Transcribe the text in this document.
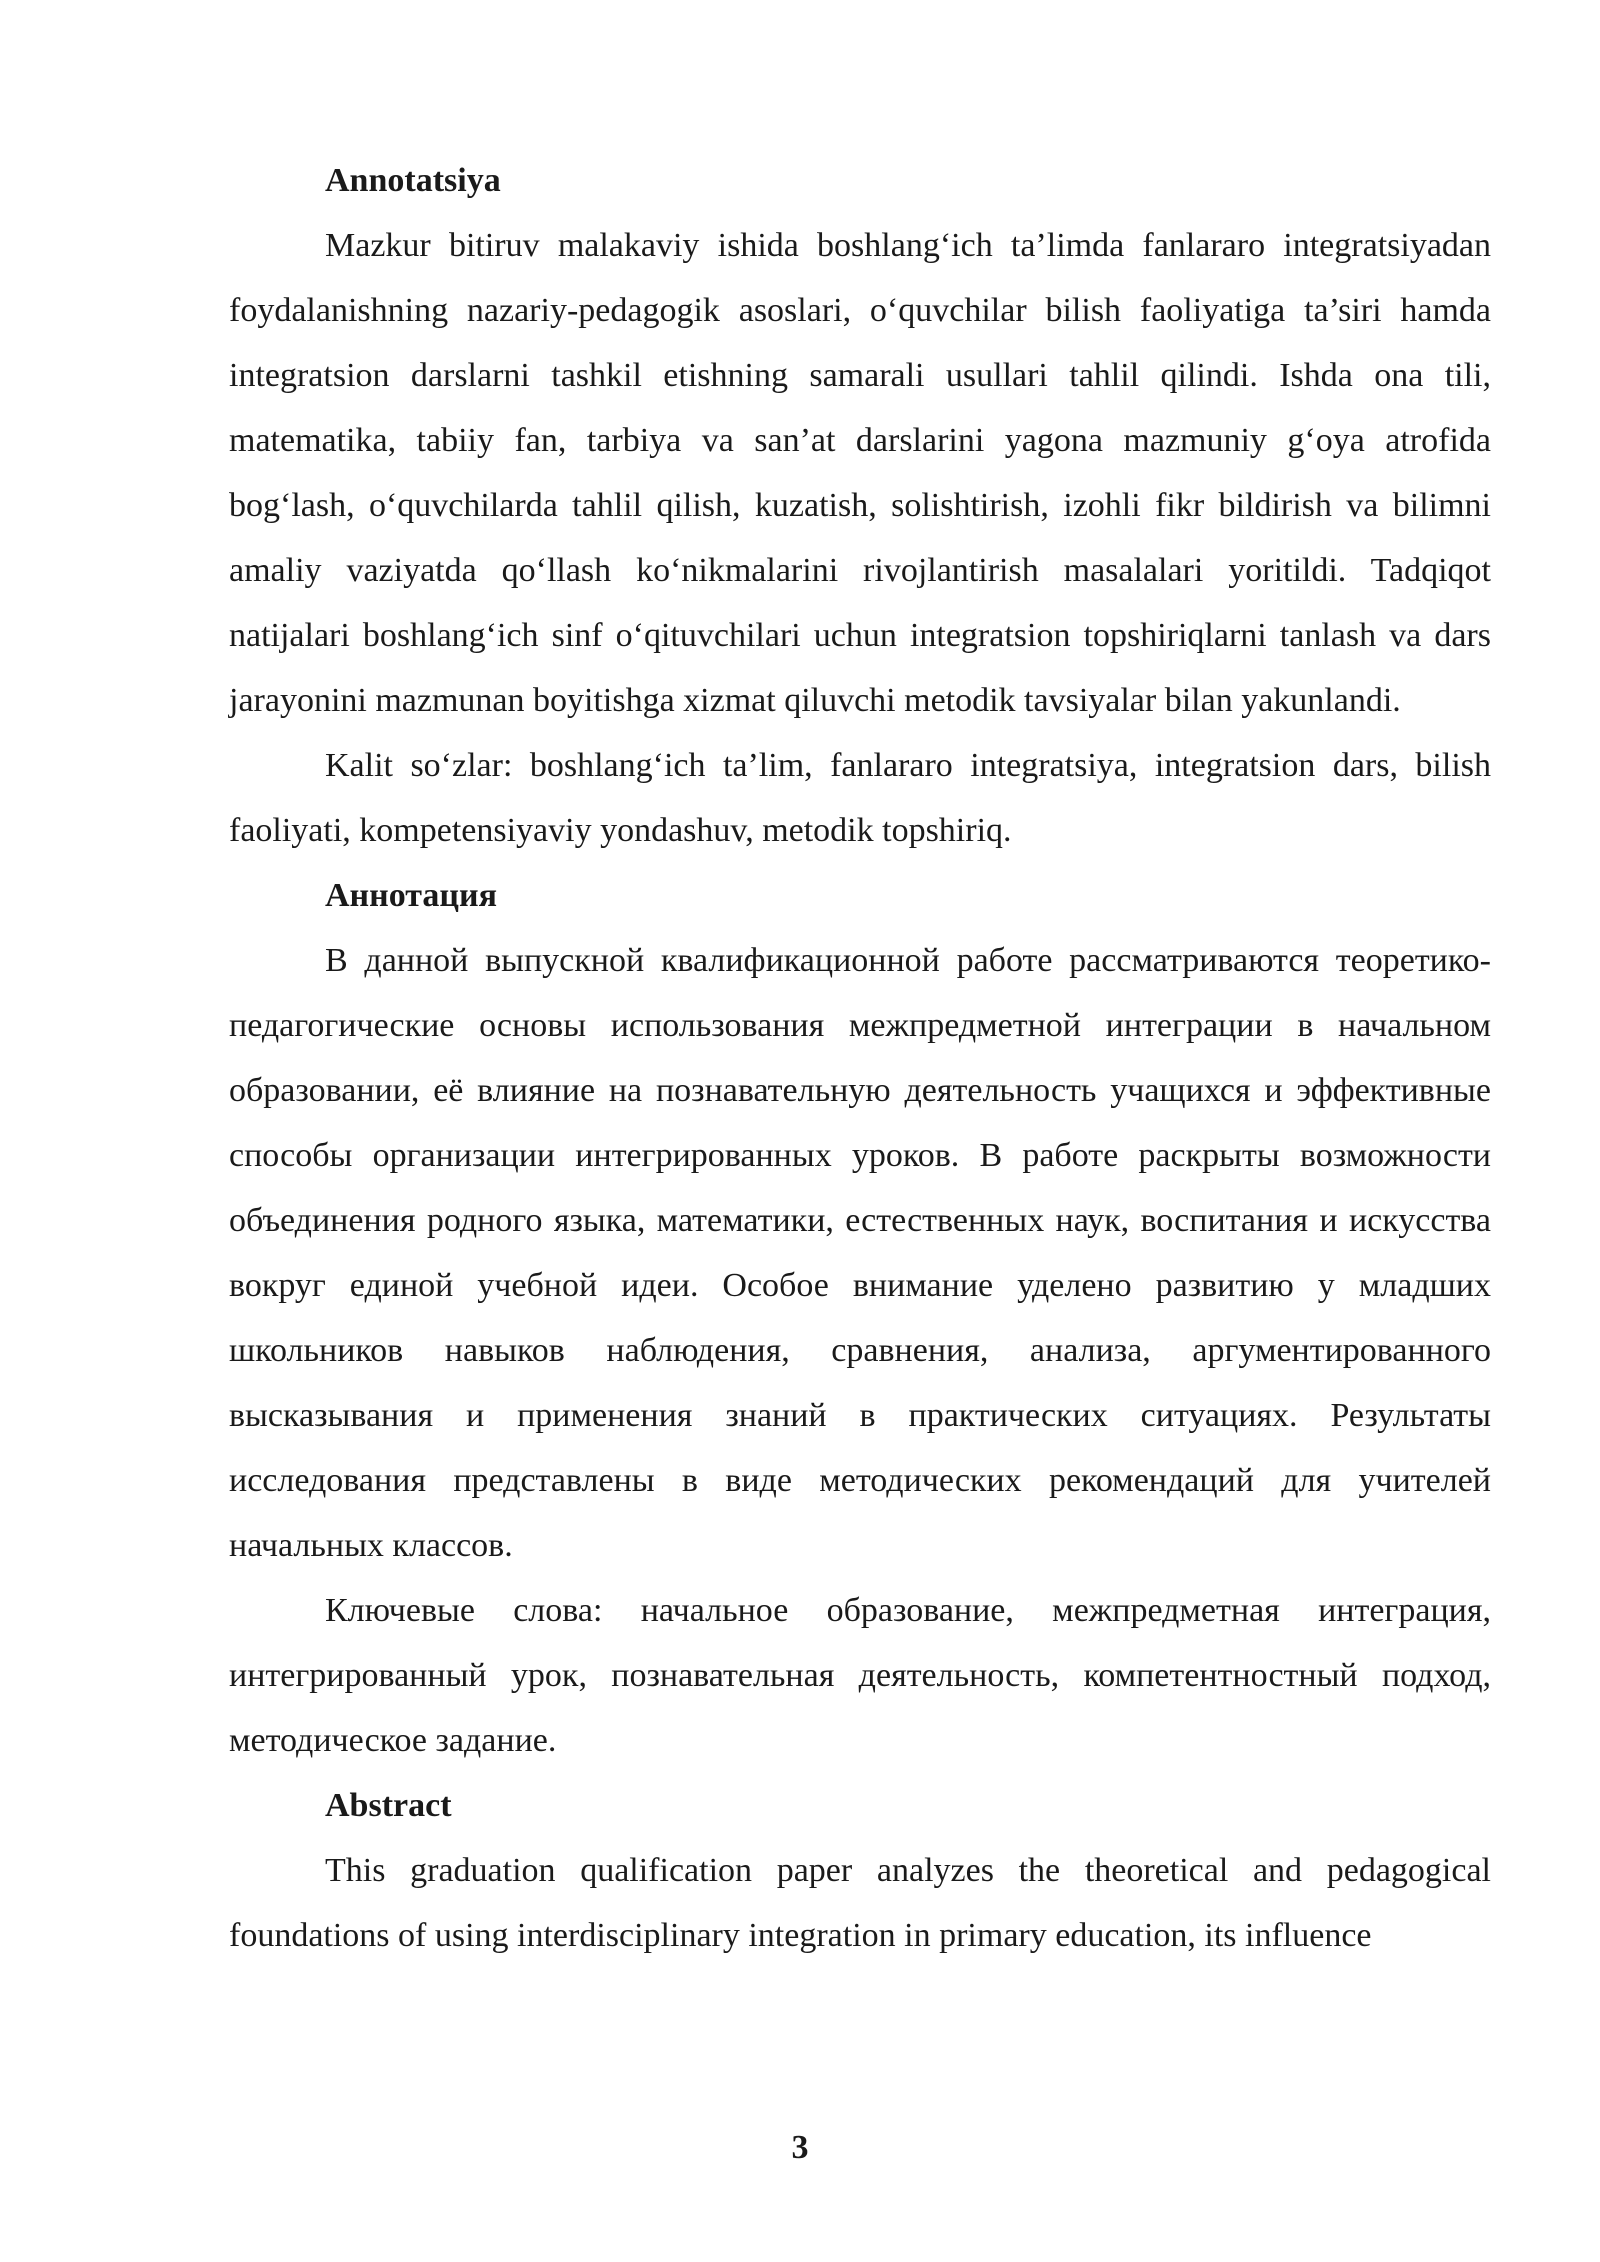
Annotatsiya

Mazkur bitiruv malakaviy ishida boshlang‘ich ta’limda fanlararo integratsiyadan foydalanishning nazariy-pedagogik asoslari, o‘quvchilar bilish faoliyatiga ta’siri hamda integratsion darslarni tashkil etishning samarali usullari tahlil qilindi. Ishda ona tili, matematika, tabiiy fan, tarbiya va san’at darslarini yagona mazmuniy g‘oya atrofida bog‘lash, o‘quvchilarda tahlil qilish, kuzatish, solishtirish, izohli fikr bildirish va bilimni amaliy vaziyatda qo‘llash ko‘nikmalarini rivojlantirish masalalari yoritildi. Tadqiqot natijalari boshlang‘ich sinf o‘qituvchilari uchun integratsion topshiriqlarni tanlash va dars jarayonini mazmunan boyitishga xizmat qiluvchi metodik tavsiyalar bilan yakunlandi.

Kalit so‘zlar: boshlang‘ich ta’lim, fanlararo integratsiya, integratsion dars, bilish faoliyati, kompetensiyaviy yondashuv, metodik topshiriq.

Аннотация

В данной выпускной квалификационной работе рассматриваются теоретико-педагогические основы использования межпредметной интеграции в начальном образовании, её влияние на познавательную деятельность учащихся и эффективные способы организации интегрированных уроков. В работе раскрыты возможности объединения родного языка, математики, естественных наук, воспитания и искусства вокруг единой учебной идеи. Особое внимание уделено развитию у младших школьников навыков наблюдения, сравнения, анализа, аргументированного высказывания и применения знаний в практических ситуациях. Результаты исследования представлены в виде методических рекомендаций для учителей начальных классов.

Ключевые слова: начальное образование, межпредметная интеграция, интегрированный урок, познавательная деятельность, компетентностный подход, методическое задание.

Abstract

This graduation qualification paper analyzes the theoretical and pedagogical foundations of using interdisciplinary integration in primary education, its influence

3
